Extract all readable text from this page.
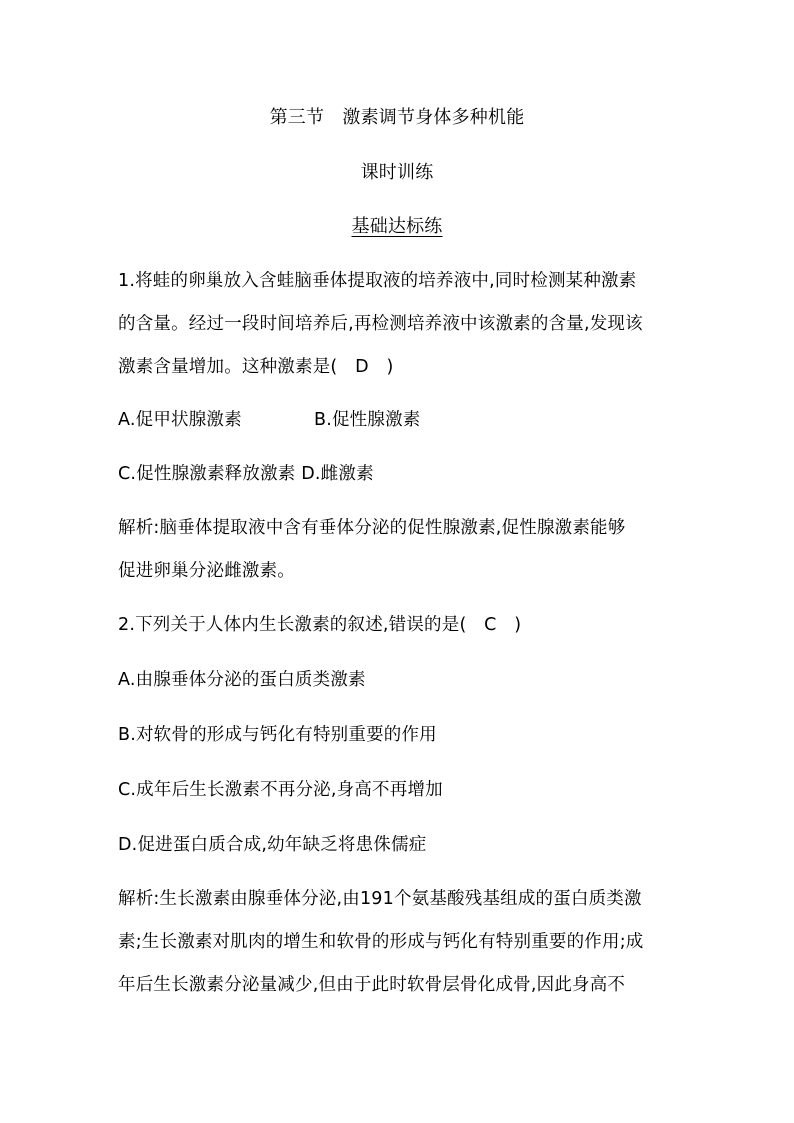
第三节　激素调节身体多种机能
课时训练
基础达标练
1.将蛙的卵巢放入含蛙脑垂体提取液的培养液中,同时检测某种激素
的含量。经过一段时间培养后,再检测培养液中该激素的含量,发现该
激素含量增加。这种激素是(　D　)
A.促甲状腺激素	B.促性腺激素
C.促性腺激素释放激素 D.雌激素
解析:脑垂体提取液中含有垂体分泌的促性腺激素,促性腺激素能够
促进卵巢分泌雌激素。
2.下列关于人体内生长激素的叙述,错误的是(　C　)
A.由腺垂体分泌的蛋白质类激素
B.对软骨的形成与钙化有特别重要的作用
C.成年后生长激素不再分泌,身高不再增加
D.促进蛋白质合成,幼年缺乏将患侏儒症
解析:生长激素由腺垂体分泌,由191个氨基酸残基组成的蛋白质类激
素;生长激素对肌肉的增生和软骨的形成与钙化有特别重要的作用;成
年后生长激素分泌量减少,但由于此时软骨层骨化成骨,因此身高不
